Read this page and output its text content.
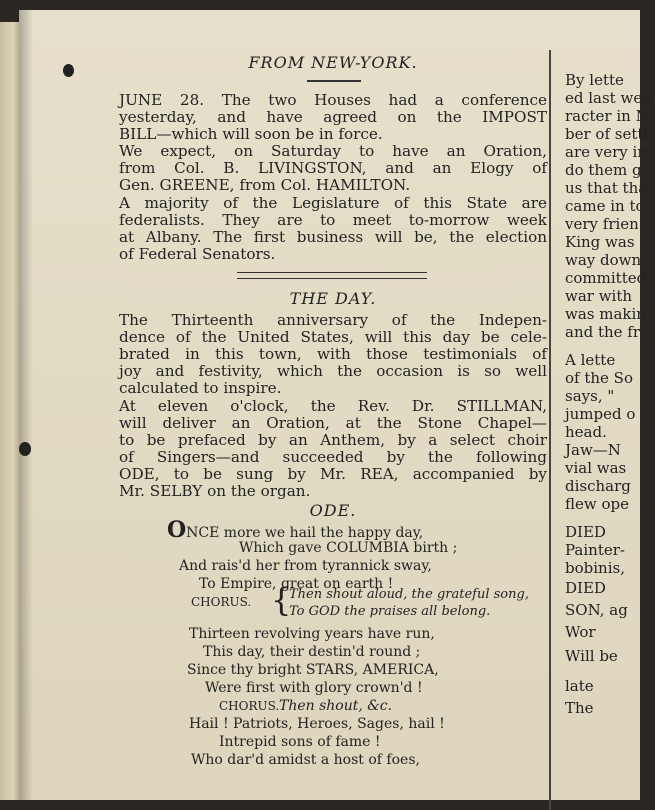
FROM NEW-YORK.
JUNE 28. The two Houses had a conference
yesterday, and have agreed on the IMPOST
BILL—which will soon be in force.
We expect, on Saturday to have an Oration,
from Col. B. LIVINGSTON, and an Elogy of
Gen. GREENE, from Col. HAMILTON.
A majority of the Legislature of this State are
federalists. They are to meet to-morrow week
at Albany. The first business will be, the election
of Federal Senators.
THE DAY.
The Thirteenth anniversary of the Indepen-
dence of the United States, will this day be cele-
brated in this town, with those testimonials of
joy and festivity, which the occasion is so well
calculated to inspire.
At eleven o'clock, the Rev. Dr. STILLMAN,
will deliver an Oration, at the Stone Chapel—
to be prefaced by an Anthem, by a select choir
of Singers—and succeeded by the following
ODE, to be sung by Mr. REA, accompanied by
Mr. SELBY on the organ.
ODE.
ONCE more we hail the happy day,
Which gave COLUMBIA birth ;
And rais'd her from tyrannick sway,
To Empire, great on earth !
CHORUS. {
Then shout aloud, the grateful song,
To GOD the praises all belong.
Thirteen revolving years have run,
This day, their destin'd round ;
Since thy bright STARS, AMERICA,
Were first with glory crown'd !
CHORUS. Then shout, &c.
Hail ! Patriots, Heroes, Sages, hail !
Intrepid sons of fame !
Who dar'd amidst a host of foes,
By lette
ed last wee
racter in M
ber of settl
are very in
do them g
us that tha
came in to
very frien
King was
way down
committed
war with
was makin
and the fr
A lette
of the So
says, "
jumped o
head.
Jaw—N
vial was
discharg
flew ope
DIED
Painter-
bobinis,
DIED
SON, ag
Wor
Will be
late
The
